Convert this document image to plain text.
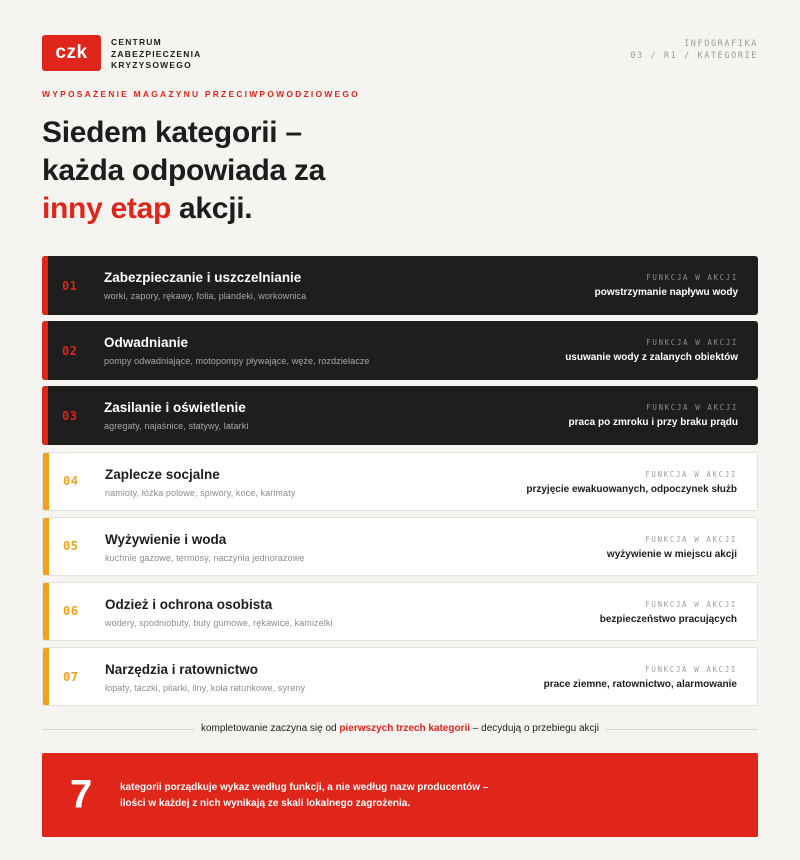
czk	CENTRUM
ZABEZPIECZENIA
KRYZYSOWEGO
INFOGRAFIKA
03 / R1 / KATEGORIE
WYPOSAŻENIE MAGAZYNU PRZECIWPOWODZIOWEGO
Siedem kategorii –
każda odpowiada za
inny etap akcji.
01
Zabezpieczanie i uszczelnianie
worki, zapory, rękawy, folia, plandeki, workownica
FUNKCJA W AKCJI
powstrzymanie napływu wody
02
Odwadnianie
pompy odwadniające, motopompy pływające, węże, rozdzielacze
FUNKCJA W AKCJI
usuwanie wody z zalanych obiektów
03
Zasilanie i oświetlenie
agregaty, najaśnice, statywy, latarki
FUNKCJA W AKCJI
praca po zmroku i przy braku prądu
04 Zaplecze socjalne
namioty, łóżka polowe, śpiwory, koce, karimaty
FUNKCJA W AKCJI
przyjęcie ewakuowanych, odpoczynek służb
05 Wyżywienie i woda
kuchnie gazowe, termosy, naczynia jednorazowe
FUNKCJA W AKCJI
wyżywienie w miejscu akcji
06 Odzież i ochrona osobista
wodery, spodniobuty, buty gumowe, rękawice, kamizelki
FUNKCJA W AKCJI
bezpieczeństwo pracujących
07 Narzędzia i ratownictwo
łopaty, taczki, pilarki, liny, koła ratunkowe, syreny
FUNKCJA W AKCJI
prace ziemne, ratownictwo, alarmowanie
kompletowanie zaczyna się od pierwszych trzech kategorii – decydują o przebiegu akcji
7	kategorii porządkuje wykaz według funkcji, a nie według nazw producentów –
ilości w każdej z nich wynikają ze skali lokalnego zagrożenia.
